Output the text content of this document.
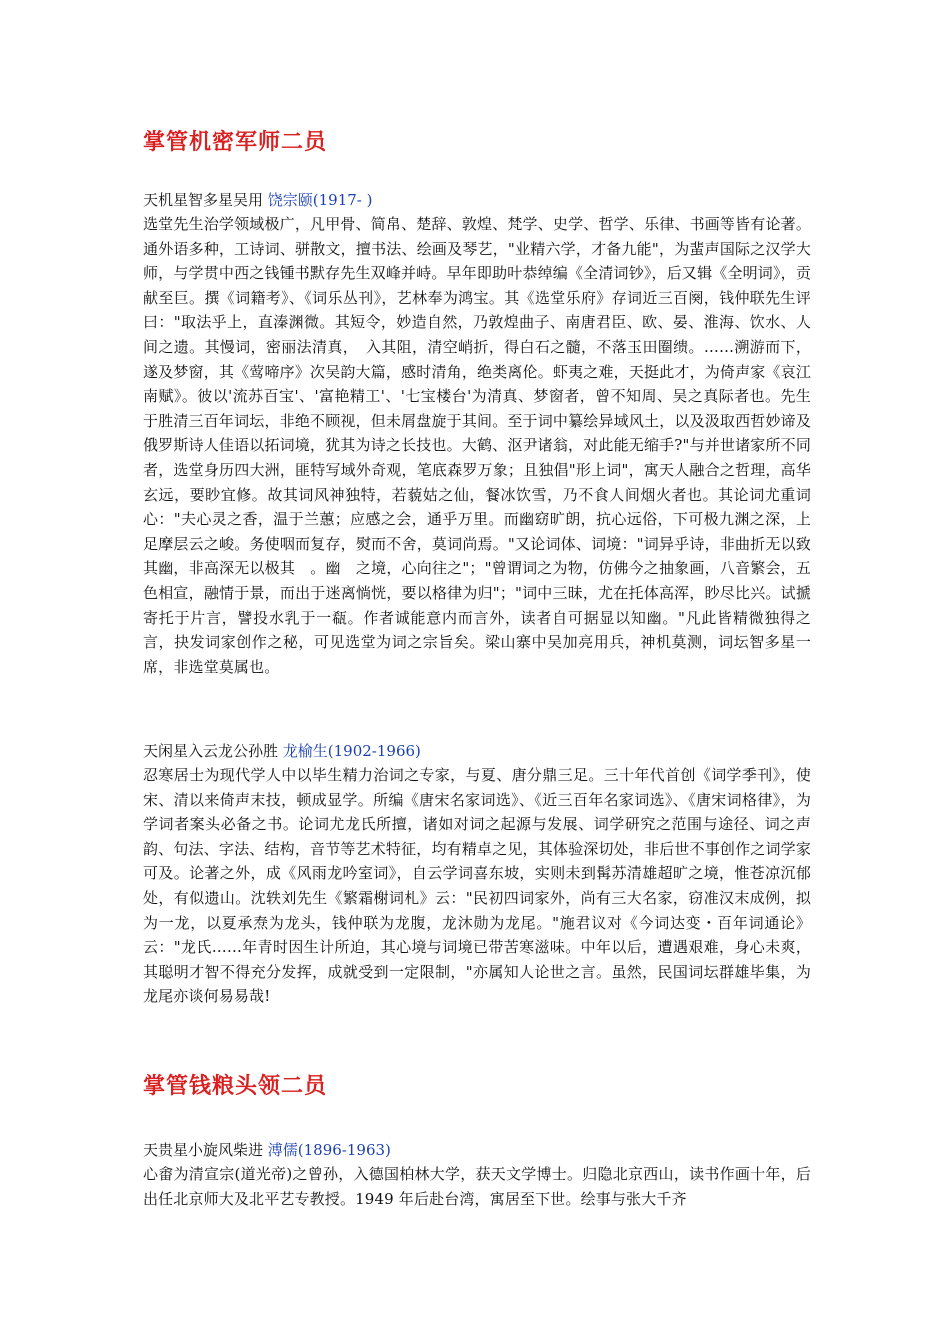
掌管机密军师二员

天机星智多星吴用 饶宗颐(1917- )

选堂先生治学领域极广，凡甲骨、简帛、楚辞、敦煌、梵学、史学、哲学、乐律、书画等皆有论著。通外语多种，工诗词、骈散文，擅书法、绘画及琴艺，"业精六学，才备九能"，为蜚声国际之汉学大师，与学贯中西之钱锺书默存先生双峰并峙。早年即助叶恭绰编《全清词钞》，后又辑《全明词》，贡献至巨。撰《词籍考》、《词乐丛刊》，艺林奉为鸿宝。其《选堂乐府》存词近三百阕，钱仲联先生评曰："取法乎上，直溱渊微。其短令，妙造自然，乃敦煌曲子、南唐君臣、欧、晏、淮海、饮水、人间之遗。其慢词，密丽法清真，　入其阻，清空峭折，得白石之髓，不落玉田圈缋。……溯游而下，遂及梦窗，其《莺啼序》次吴韵大篇，感时清角，绝类离伦。虾夷之难，天挺此才，为倚声家《哀江南赋》。彼以'流苏百宝'、'富艳精工'、'七宝楼台'为清真、梦窗者，曾不知周、吴之真际者也。先生于胜清三百年词坛，非绝不顾视，但未屑盘旋于其间。至于词中纂绘异域风土，以及汲取西哲妙谛及俄罗斯诗人佳语以拓词境，犹其为诗之长技也。大鹤、沤尹诸翁，对此能无缩手?"与并世诸家所不同者，选堂身历四大洲，匪特写域外奇观，笔底森罗万象；且独倡"形上词"，寓天人融合之哲理，高华玄远，要眇宜修。故其词风神独特，若藐姑之仙，餐冰饮雪，乃不食人间烟火者也。其论词尤重词心："夫心灵之香，温于兰蕙；应感之会，通乎万里。而幽窈旷朗，抗心远俗，下可极九渊之深，上足摩层云之峻。务使咽而复存，熨而不舍，莫词尚焉。"又论词体、词境："词异乎诗，非曲折无以致其幽，非高深无以极其　。幽　之境，心向往之"；"曾谓词之为物，仿佛今之抽象画，八音繁会，五色相宣，融情于景，而出于迷离惝恍，要以格律为归"；"词中三昧，尤在托体高浑，眇尽比兴。试搋寄托于片言，譬投水乳于一瓻。作者诚能意内而言外，读者自可据显以知幽。"凡此皆精微独得之言，抉发词家创作之秘，可见选堂为词之宗旨矣。梁山寨中吴加亮用兵，神机莫测，词坛智多星一席，非选堂莫属也。

天闲星入云龙公孙胜 龙榆生(1902-1966)

忍寒居士为现代学人中以毕生精力治词之专家，与夏、唐分鼎三足。三十年代首创《词学季刊》，使宋、清以来倚声末技，顿成显学。所编《唐宋名家词选》、《近三百年名家词选》、《唐宋词格律》，为学词者案头必备之书。论词尤龙氏所擅，诸如对词之起源与发展、词学研究之范围与途径、词之声韵、句法、字法、结构，音节等艺术特征，均有精卓之见，其体验深切处，非后世不事创作之词学家可及。论著之外，成《风雨龙吟室词》，自云学词喜东坡，实则未到髯苏清雄超旷之境，惟苍凉沉郁处，有似遗山。沈轶刘先生《繁霜榭词札》云："民初四词家外，尚有三大名家，窃准汉末成例，拟为一龙，以夏承焘为龙头，钱仲联为龙腹，龙沐勋为龙尾。"施君议对《今词达变・百年词通论》云："龙氏……年青时因生计所迫，其心境与词境已带苦寒滋味。中年以后，遭遇艰难，身心未爽，其聪明才智不得充分发挥，成就受到一定限制，"亦属知人论世之言。虽然，民国词坛群雄毕集，为龙尾亦谈何易易哉!

掌管钱粮头领二员

天贵星小旋风柴进 溥儒(1896-1963)

心畬为清宣宗(道光帝)之曾孙，入德国柏林大学，获天文学博士。归隐北京西山，读书作画十年，后出任北京师大及北平艺专教授。1949 年后赴台湾，寓居至下世。绘事与张大千齐
